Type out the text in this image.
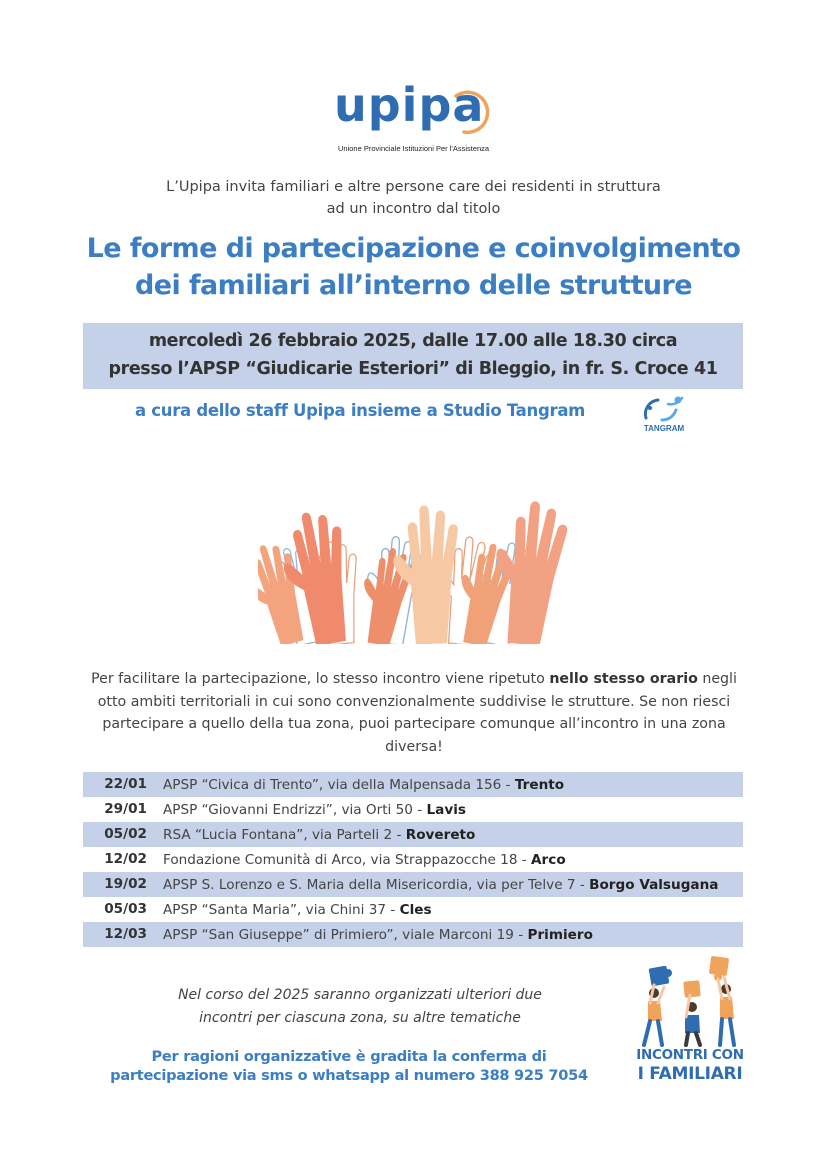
upipa
Unione Provinciale Istituzioni Per l'Assistenza
L’Upipa invita familiari e altre persone care dei residenti in struttura
ad un incontro dal titolo
Le forme di partecipazione e coinvolgimento
dei familiari all’interno delle strutture
mercoledì 26 febbraio 2025, dalle 17.00 alle 18.30 circa
presso l’APSP “Giudicarie Esteriori” di Bleggio, in fr. S. Croce 41
a cura dello staff Upipa insieme a Studio Tangram
TANGRAM
Per facilitare la partecipazione, lo stesso incontro viene ripetuto nello stesso orario negli otto ambiti territoriali in cui sono convenzionalmente suddivise le strutture. Se non riesci partecipare a quello della tua zona, puoi partecipare comunque all’incontro in una zona diversa!
22/01	APSP “Civica di Trento”, via della Malpensada 156 - Trento
29/01	APSP “Giovanni Endrizzi”, via Orti 50 - Lavis
05/02	RSA “Lucia Fontana”, via Parteli 2 - Rovereto
12/02	Fondazione Comunità di Arco, via Strappazocche 18 - Arco
19/02	APSP S. Lorenzo e S. Maria della Misericordia, via per Telve 7 - Borgo Valsugana
05/03	APSP “Santa Maria”, via Chini 37 - Cles
12/03	APSP “San Giuseppe” di Primiero”, viale Marconi 19 - Primiero
Nel corso del 2025 saranno organizzati ulteriori due
incontri per ciascuna zona, su altre tematiche
Per ragioni organizzative è gradita la conferma di
partecipazione via sms o whatsapp al numero 388 925 7054
INCONTRI CON
I FAMILIARI
